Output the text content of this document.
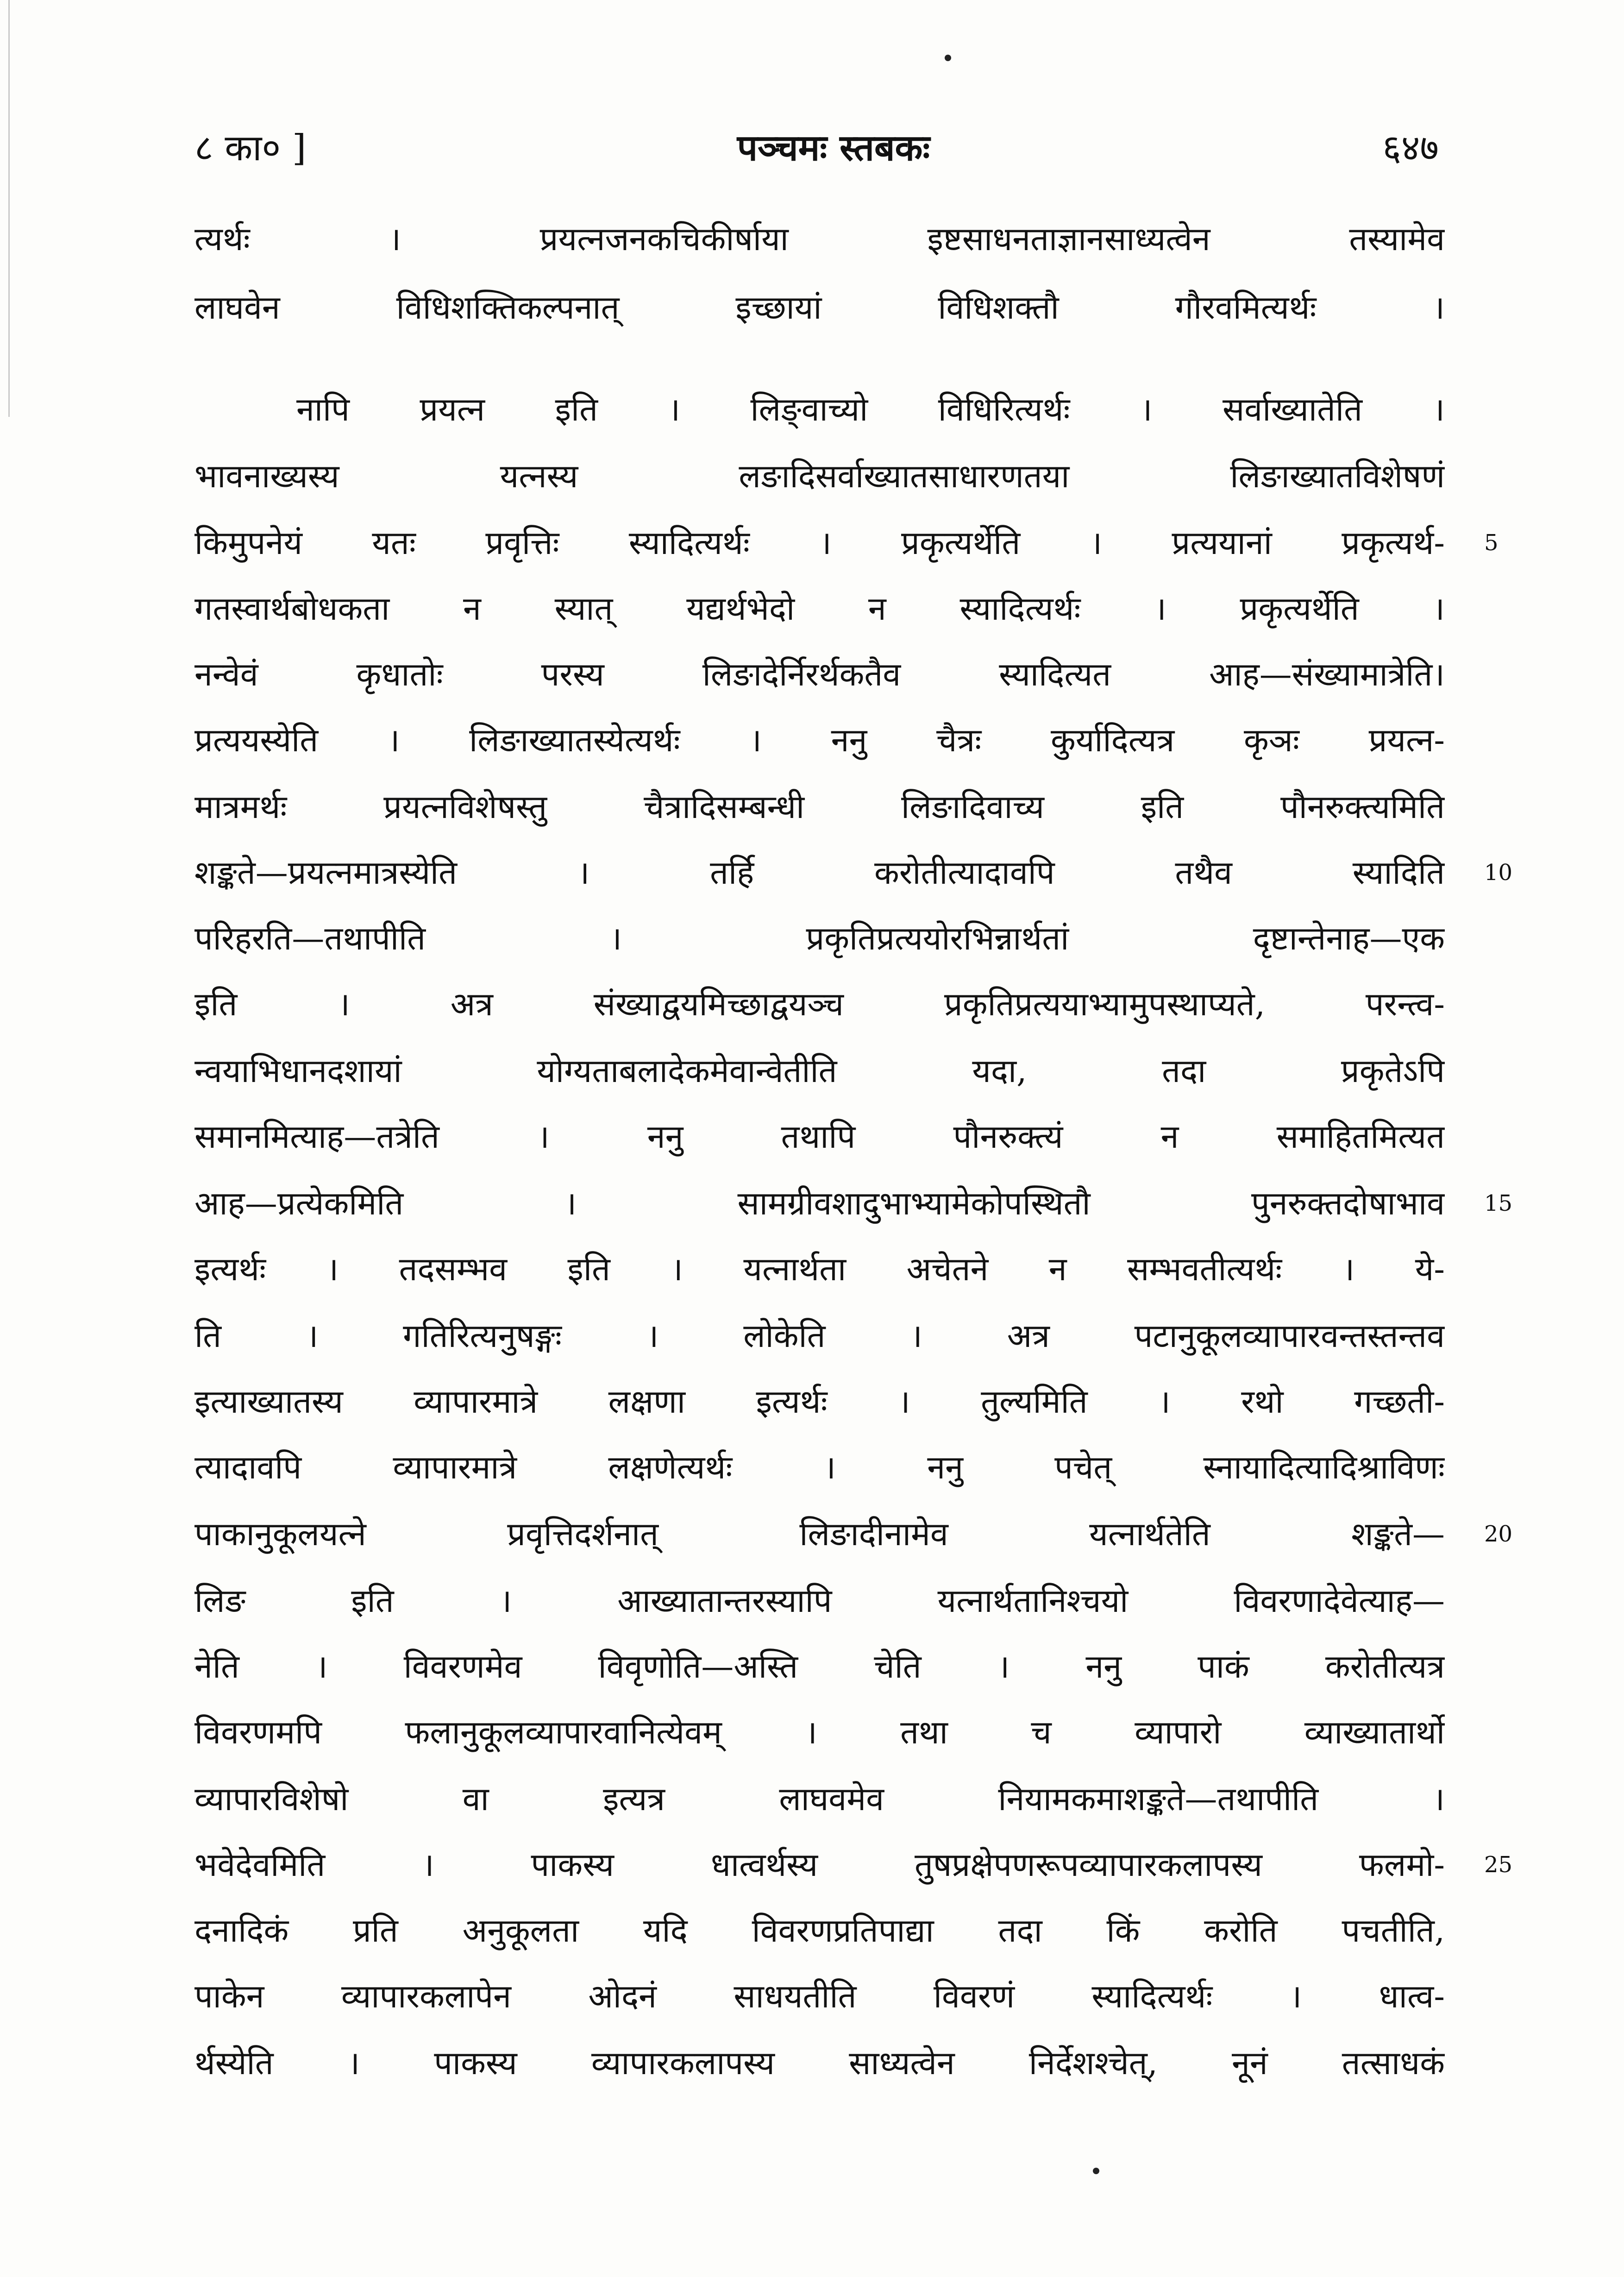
८ का० ]	पञ्चमः स्तबकः	६४७
त्यर्थः । प्रयत्नजनकचिकीर्षाया इष्टसाधनताज्ञानसाध्यत्वेन तस्यामेव
लाघवेन विधिशक्तिकल्पनात् इच्छायां विधिशक्तौ गौरवमित्यर्थः ।
नापि प्रयत्न इति । लिङ्वाच्यो विधिरित्यर्थः । सर्वाख्यातेति ।
भावनाख्यस्य यत्नस्य लङादिसर्वाख्यातसाधारणतया लिङाख्यातविशेषणं
किमुपनेयं यतः प्रवृत्तिः स्यादित्यर्थः । प्रकृत्यर्थेति । प्रत्ययानां प्रकृत्यर्थ-
गतस्वार्थबोधकता न स्यात् यद्यर्थभेदो न स्यादित्यर्थः । प्रकृत्यर्थेति ।
नन्वेवं कृधातोः परस्य लिङादेर्निरर्थकतैव स्यादित्यत आह—संख्यामात्रेति।
प्रत्ययस्येति । लिङाख्यातस्येत्यर्थः । ननु चैत्रः कुर्यादित्यत्र कृञः प्रयत्न-
मात्रमर्थः प्रयत्नविशेषस्तु चैत्रादिसम्बन्धी लिङादिवाच्य इति पौनरुक्त्यमिति
शङ्कते—प्रयत्नमात्रस्येति । तर्हि करोतीत्यादावपि तथैव स्यादिति
परिहरति—तथापीति । प्रकृतिप्रत्ययोरभिन्नार्थतां दृष्टान्तेनाह—एक
इति । अत्र संख्याद्वयमिच्छाद्वयञ्च प्रकृतिप्रत्ययाभ्यामुपस्थाप्यते, परन्त्व-
न्वयाभिधानदशायां योग्यताबलादेकमेवान्वेतीति यदा, तदा प्रकृतेऽपि
समानमित्याह—तत्रेति । ननु तथापि पौनरुक्त्यं न समाहितमित्यत
आह—प्रत्येकमिति । सामग्रीवशादुभाभ्यामेकोपस्थितौ पुनरुक्तदोषाभाव
इत्यर्थः । तदसम्भव इति । यत्नार्थता अचेतने न सम्भवतीत्यर्थः । ये-
ति । गतिरित्यनुषङ्गः । लोकेति । अत्र पटानुकूलव्यापारवन्तस्तन्तव
इत्याख्यातस्य व्यापारमात्रे लक्षणा इत्यर्थः । तुल्यमिति । रथो गच्छती-
त्यादावपि व्यापारमात्रे लक्षणेत्यर्थः । ननु पचेत् स्नायादित्यादिश्राविणः
पाकानुकूलयत्ने प्रवृत्तिदर्शनात् लिङादीनामेव यत्नार्थतेति शङ्कते—
लिङ इति । आख्यातान्तरस्यापि यत्नार्थतानिश्चयो विवरणादेवेत्याह—
नेति । विवरणमेव विवृणोति—अस्ति चेति । ननु पाकं करोतीत्यत्र
विवरणमपि फलानुकूलव्यापारवानित्येवम् । तथा च व्यापारो व्याख्यातार्थो
व्यापारविशेषो वा इत्यत्र लाघवमेव नियामकमाशङ्कते—तथापीति ।
भवेदेवमिति । पाकस्य धात्वर्थस्य तुषप्रक्षेपणरूपव्यापारकलापस्य फलमो-
दनादिकं प्रति अनुकूलता यदि विवरणप्रतिपाद्या तदा किं करोति पचतीति,
पाकेन व्यापारकलापेन ओदनं साधयतीति विवरणं स्यादित्यर्थः । धात्व-
र्थस्येति । पाकस्य व्यापारकलापस्य साध्यत्वेन निर्देशश्चेत्, नूनं तत्साधकं
5
10
15
20
25
